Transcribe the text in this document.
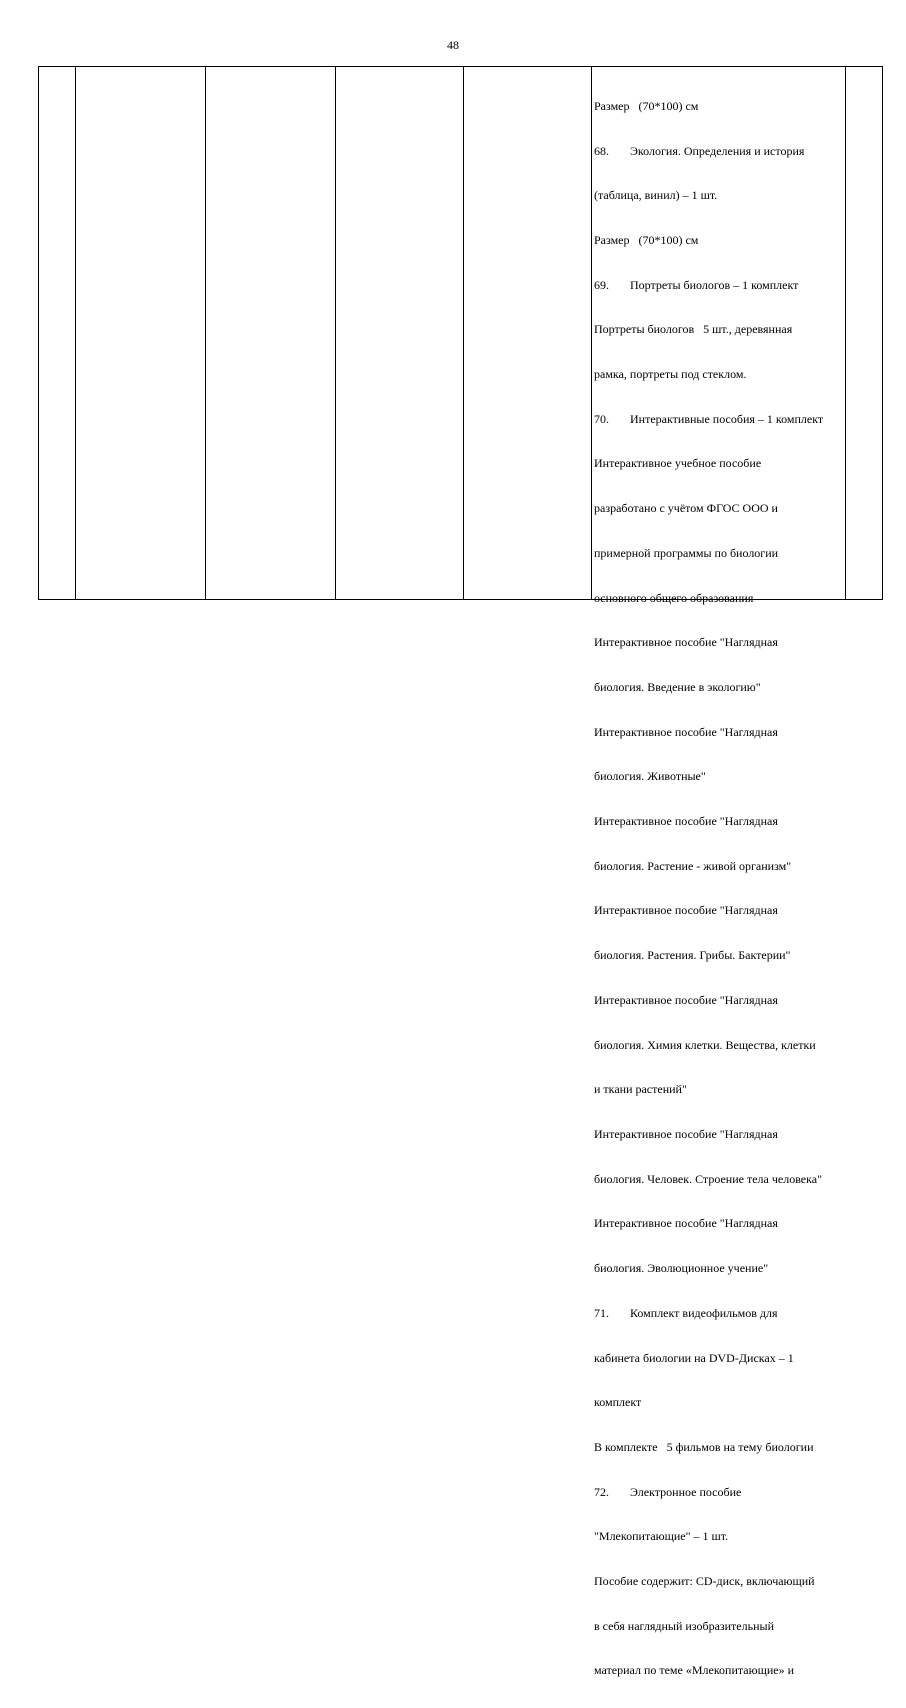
48

Размер   (70*100) см

68.       Экология. Определения и история

(таблица, винил) – 1 шт.

Размер   (70*100) см

69.       Портреты биологов – 1 комплект

Портреты биологов   5 шт., деревянная

рамка, портреты под стеклом.

70.       Интерактивные пособия – 1 комплект

Интерактивное учебное пособие

разработано с учётом ФГОС ООО и

примерной программы по биологии

основного общего образования

Интерактивное пособие "Наглядная

биология. Введение в экологию"

Интерактивное пособие "Наглядная

биология. Животные"

Интерактивное пособие "Наглядная

биология. Растение - живой организм"

Интерактивное пособие "Наглядная

биология. Растения. Грибы. Бактерии"

Интерактивное пособие "Наглядная

биология. Химия клетки. Вещества, клетки

и ткани растений"

Интерактивное пособие "Наглядная

биология. Человек. Строение тела человека"

Интерактивное пособие "Наглядная

биология. Эволюционное учение"

71.       Комплект видеофильмов для

кабинета биологии на DVD-Дисках – 1

комплект

В комплекте   5 фильмов на тему биологии

72.       Электронное пособие

"Млекопитающие" – 1 шт.

Пособие содержит: CD-диск, включающий

в себя наглядный изобразительный

материал по теме «Млекопитающие» и
